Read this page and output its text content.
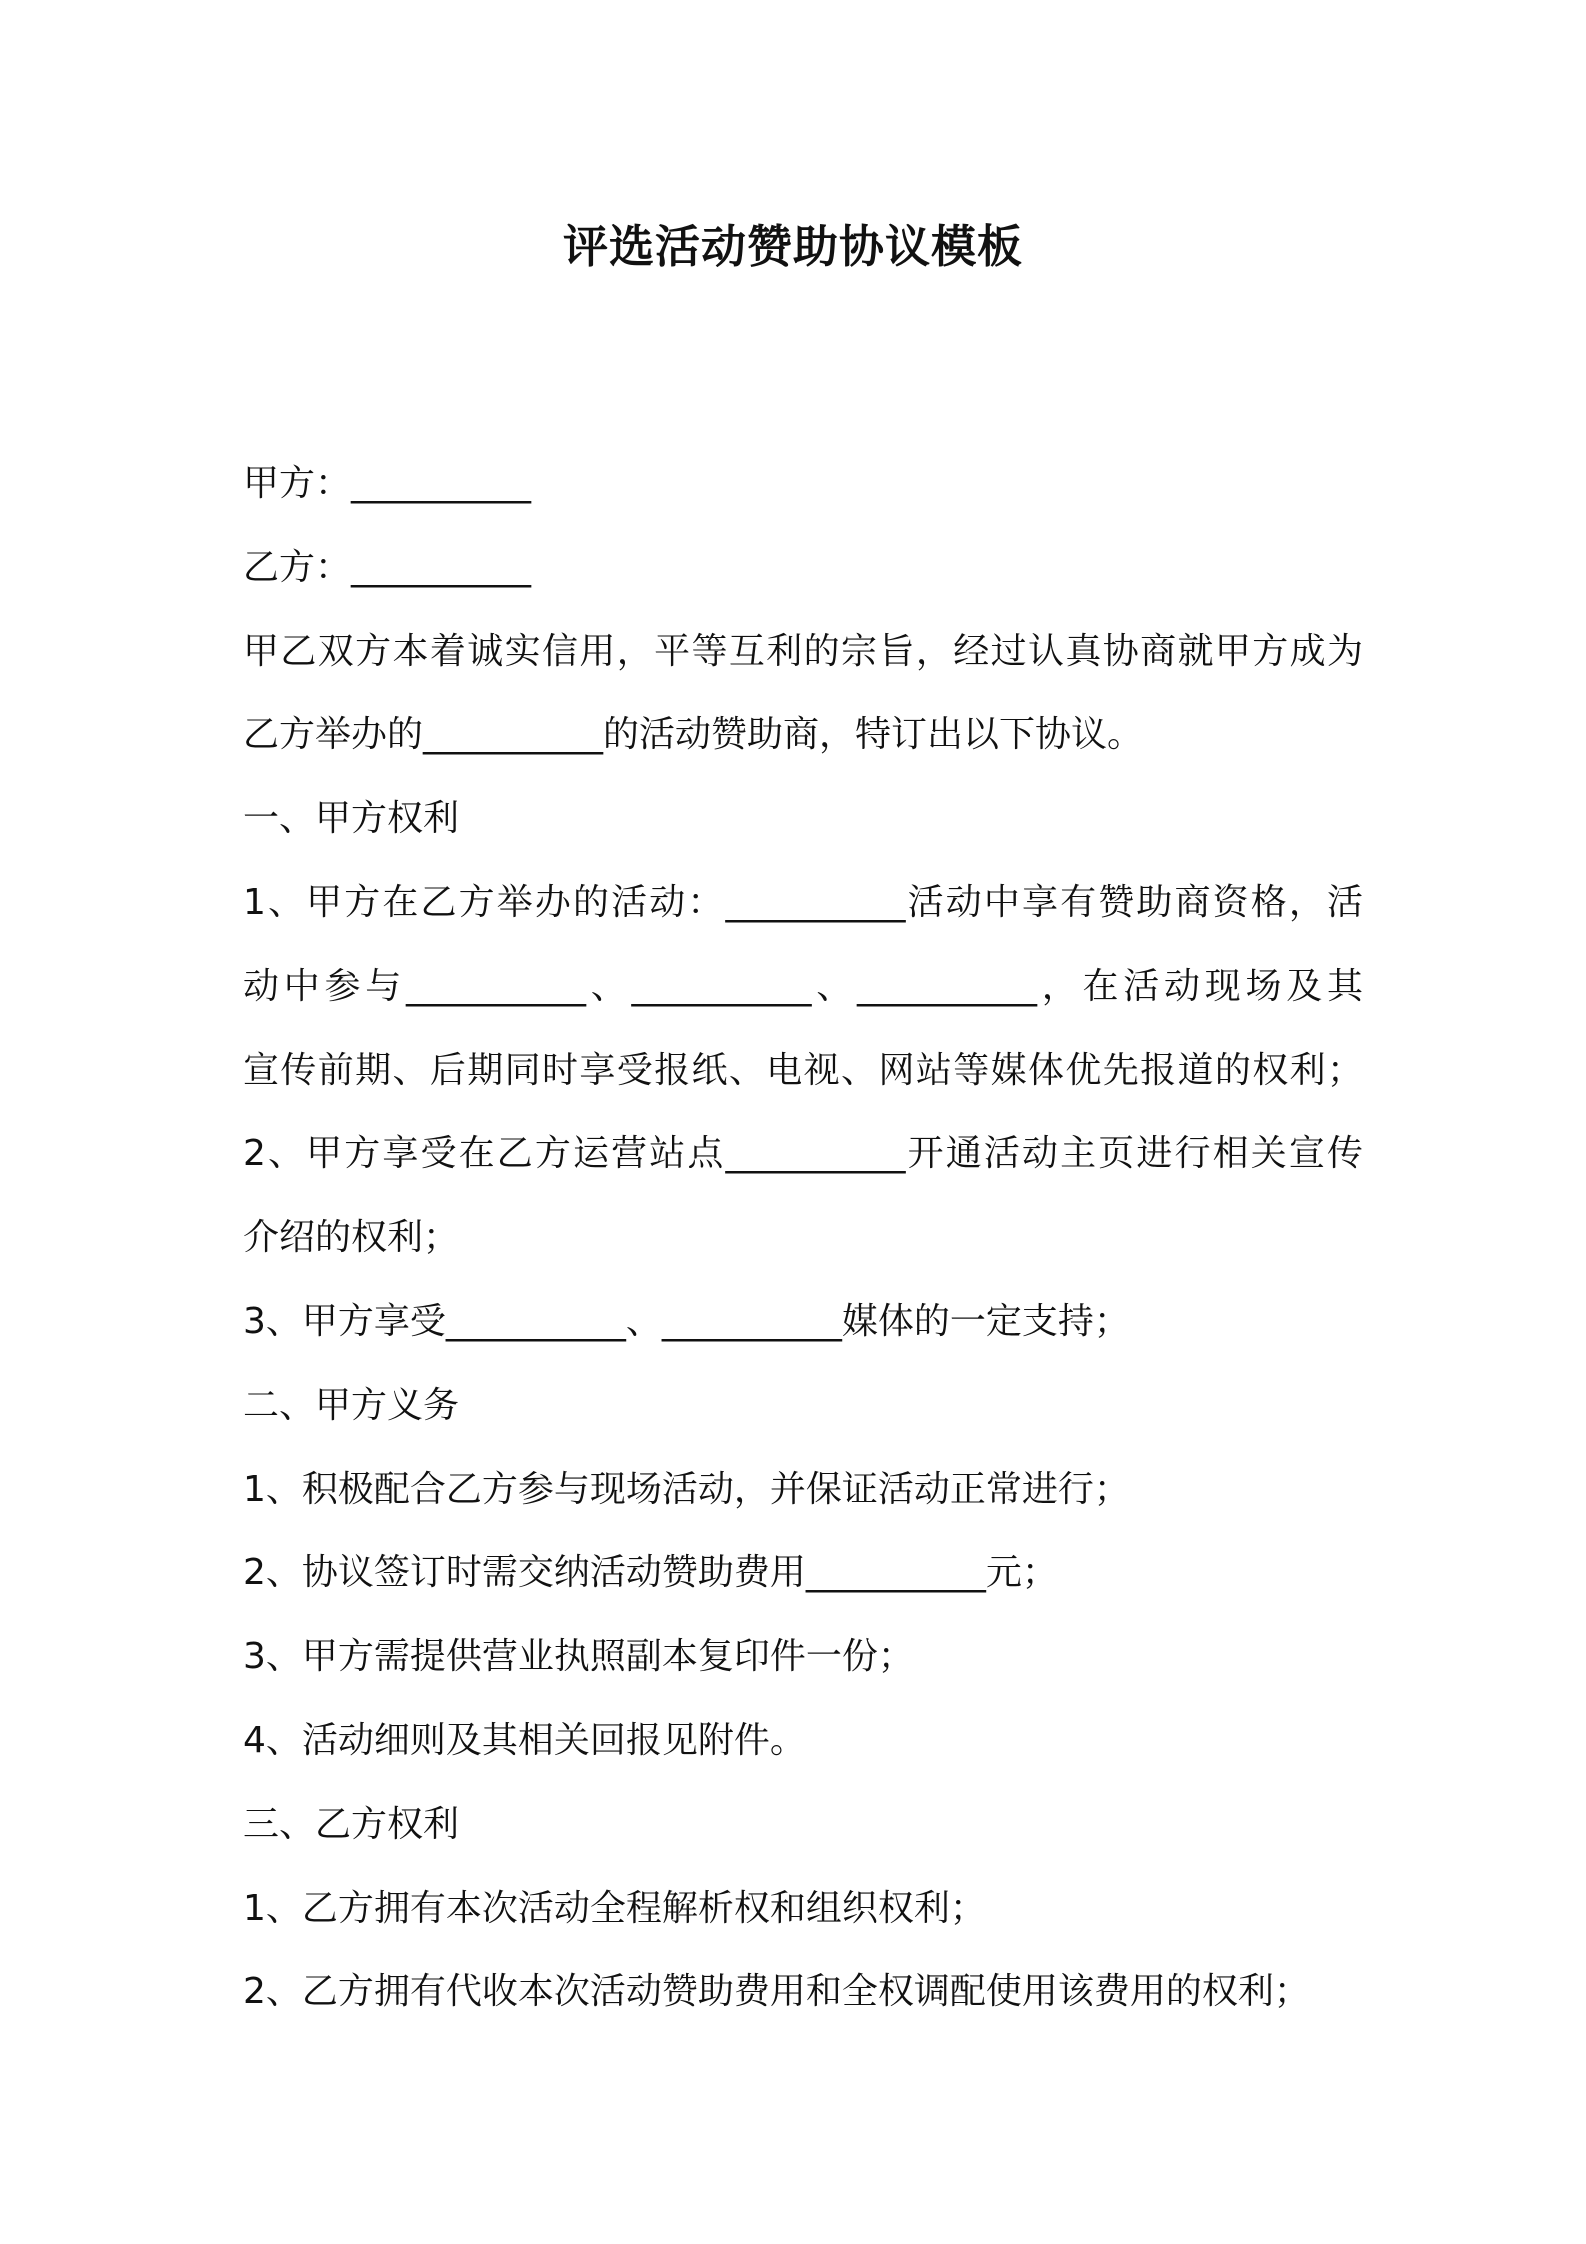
评选活动赞助协议模板

甲方：__________

乙方：__________

甲乙双方本着诚实信用，平等互利的宗旨，经过认真协商就甲方成为

乙方举办的__________的活动赞助商，特订出以下协议。

一、甲方权利

1、甲方在乙方举办的活动：__________活动中享有赞助商资格，活

动中参与__________、__________、__________，在活动现场及其

宣传前期、后期同时享受报纸、电视、网站等媒体优先报道的权利；

2、甲方享受在乙方运营站点__________开通活动主页进行相关宣传

介绍的权利；

3、甲方享受__________、__________媒体的一定支持；

二、甲方义务

1、积极配合乙方参与现场活动，并保证活动正常进行；

2、协议签订时需交纳活动赞助费用__________元；

3、甲方需提供营业执照副本复印件一份；

4、活动细则及其相关回报见附件。

三、乙方权利

1、乙方拥有本次活动全程解析权和组织权利；

2、乙方拥有代收本次活动赞助费用和全权调配使用该费用的权利；
